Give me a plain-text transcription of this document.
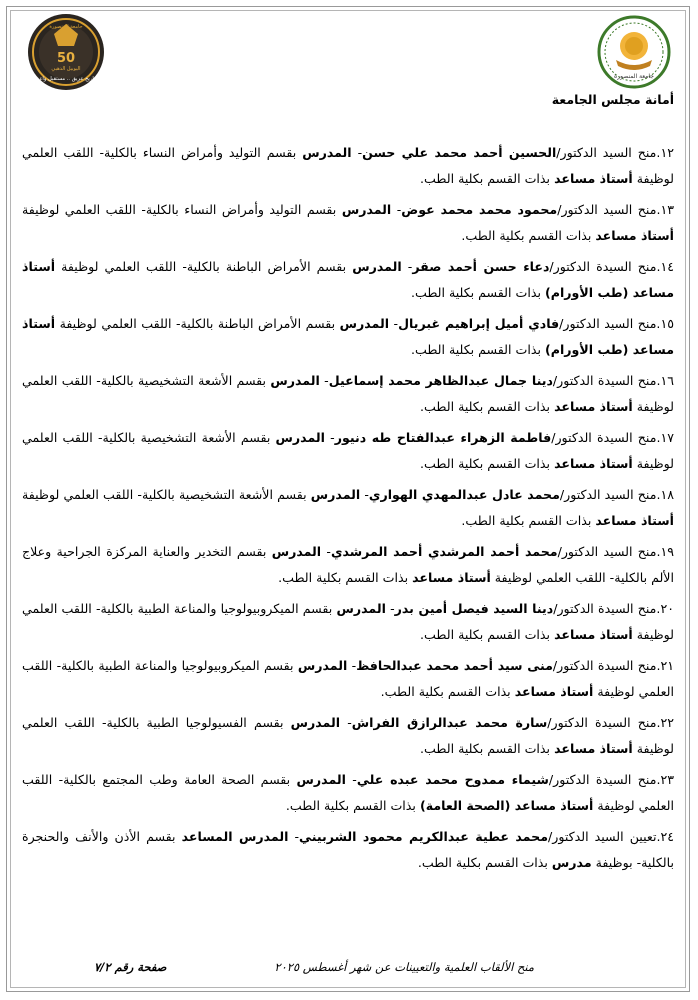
جامعة المنصورة
أمانة مجلس الجامعة
جامعة المنصورة
50
اليوبيل الذهبي
تاريخ عريق .. مستقبل واعد
١٢.منح السيد الدكتور/الحسين أحمد محمد علي حسن- المدرس بقسم التوليد وأمراض النساء بالكلية- اللقب العلمي لوظيفة أستاذ مساعد بذات القسم بكلية الطب.
١٣.منح السيد الدكتور/محمود محمد محمد عوض- المدرس بقسم التوليد وأمراض النساء بالكلية- اللقب العلمي لوظيفة أستاذ مساعد بذات القسم بكلية الطب.
١٤.منح السيدة الدكتور/دعاء حسن أحمد صقر- المدرس بقسم الأمراض الباطنة بالكلية- اللقب العلمي لوظيفة أستاذ مساعد (طب الأورام) بذات القسم بكلية الطب.
١٥.منح السيد الدكتور/فادي أميل إبراهيم غبريال- المدرس بقسم الأمراض الباطنة بالكلية- اللقب العلمي لوظيفة أستاذ مساعد (طب الأورام) بذات القسم بكلية الطب.
١٦.منح السيدة الدكتور/دينا جمال عبدالظاهر محمد إسماعيل- المدرس بقسم الأشعة التشخيصية بالكلية- اللقب العلمي لوظيفة أستاذ مساعد بذات القسم بكلية الطب.
١٧.منح السيدة الدكتور/فاطمة الزهراء عبدالفتاح طه دنيور- المدرس بقسم الأشعة التشخيصية بالكلية- اللقب العلمي لوظيفة أستاذ مساعد بذات القسم بكلية الطب.
١٨.منح السيد الدكتور/محمد عادل عبدالمهدي الهواري- المدرس بقسم الأشعة التشخيصية بالكلية- اللقب العلمي لوظيفة أستاذ مساعد بذات القسم بكلية الطب.
١٩.منح السيد الدكتور/محمد أحمد المرشدي أحمد المرشدي- المدرس بقسم التخدير والعناية المركزة الجراحية وعلاج الألم بالكلية- اللقب العلمي لوظيفة أستاذ مساعد بذات القسم بكلية الطب.
٢٠.منح السيدة الدكتور/دينا السيد فيصل أمين بدر- المدرس بقسم الميكروبيولوجيا والمناعة الطبية بالكلية- اللقب العلمي لوظيفة أستاذ مساعد بذات القسم بكلية الطب.
٢١.منح السيدة الدكتور/منى سيد أحمد محمد عبدالحافظ- المدرس بقسم الميكروبيولوجيا والمناعة الطبية بالكلية- اللقب العلمي لوظيفة أستاذ مساعد بذات القسم بكلية الطب.
٢٢.منح السيدة الدكتور/سارة محمد عبدالرازق الفراش- المدرس بقسم الفسيولوجيا الطبية بالكلية- اللقب العلمي لوظيفة أستاذ مساعد بذات القسم بكلية الطب.
٢٣.منح السيدة الدكتور/شيماء ممدوح محمد عبده علي- المدرس بقسم الصحة العامة وطب المجتمع بالكلية- اللقب العلمي لوظيفة أستاذ مساعد (الصحة العامة) بذات القسم بكلية الطب.
٢٤.تعيين السيد الدكتور/محمد عطية عبدالكريم محمود الشربيني- المدرس المساعد بقسم الأذن والأنف والحنجرة بالكلية- بوظيفة مدرس بذات القسم بكلية الطب.
منح الألقاب العلمية والتعيينات عن شهر أغسطس ٢٠٢٥
صفحة رقم ٧/٢
